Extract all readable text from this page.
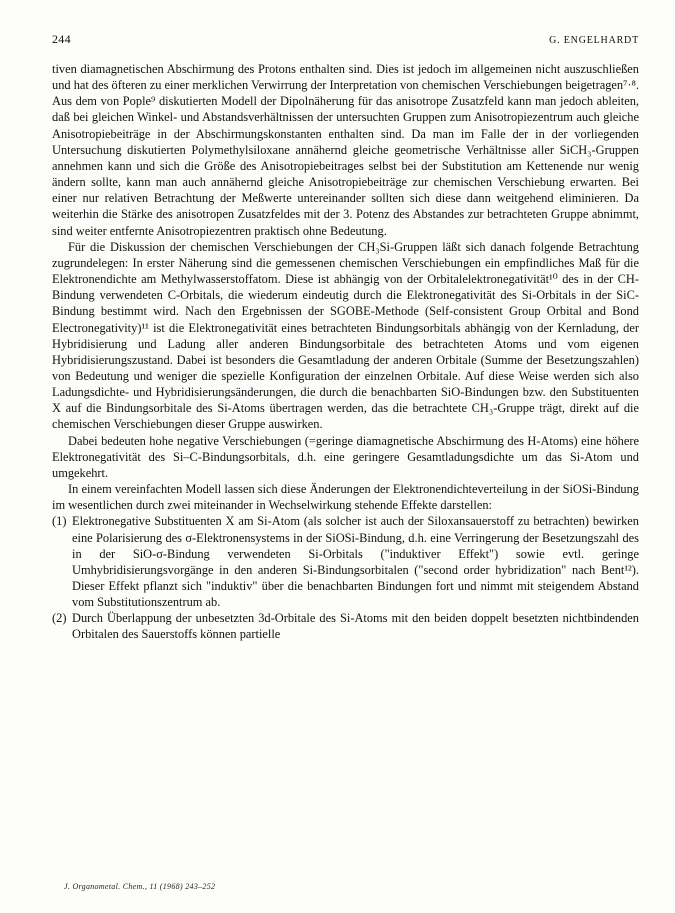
244	G. ENGELHARDT

tiven diamagnetischen Abschirmung des Protons enthalten sind. Dies ist jedoch im allgemeinen nicht auszuschließen und hat des öfteren zu einer merklichen Verwirrung der Interpretation von chemischen Verschiebungen beigetragen⁷·⁸. Aus dem von Pople⁹ diskutierten Modell der Dipolnäherung für das anisotrope Zusatzfeld kann man jedoch ableiten, daß bei gleichen Winkel- und Abstandsverhältnissen der untersuchten Gruppen zum Anisotropiezentrum auch gleiche Anisotropiebeiträge in der Abschirmungskonstanten enthalten sind. Da man im Falle der in der vorliegenden Untersuchung diskutierten Polymethylsiloxane annähernd gleiche geometrische Verhältnisse aller SiCH₃-Gruppen annehmen kann und sich die Größe des Anisotropiebeitrages selbst bei der Substitution am Kettenende nur wenig ändern sollte, kann man auch annähernd gleiche Anisotropiebeiträge zur chemischen Verschiebung erwarten. Bei einer nur relativen Betrachtung der Meßwerte untereinander sollten sich diese dann weitgehend eliminieren. Da weiterhin die Stärke des anisotropen Zusatzfeldes mit der 3. Potenz des Abstandes zur betrachteten Gruppe abnimmt, sind weiter entfernte Anisotropiezentren praktisch ohne Bedeutung.

Für die Diskussion der chemischen Verschiebungen der CH₃Si-Gruppen läßt sich danach folgende Betrachtung zugrundelegen: In erster Näherung sind die gemessenen chemischen Verschiebungen ein empfindliches Maß für die Elektronendichte am Methylwasserstoffatom. Diese ist abhängig von der Orbitalelektronegativität¹⁰ des in der CH-Bindung verwendeten C-Orbitals, die wiederum eindeutig durch die Elektronegativität des Si-Orbitals in der SiC-Bindung bestimmt wird. Nach den Ergebnissen der SGOBE-Methode (Self-consistent Group Orbital and Bond Electronegativity)¹¹ ist die Elektronegativität eines betrachteten Bindungsorbitals abhängig von der Kernladung, der Hybridisierung und Ladung aller anderen Bindungsorbitale des betrachteten Atoms und vom eigenen Hybridisierungszustand. Dabei ist besonders die Gesamtladung der anderen Orbitale (Summe der Besetzungszahlen) von Bedeutung und weniger die spezielle Konfiguration der einzelnen Orbitale. Auf diese Weise werden sich also Ladungsdichte- und Hybridisierungsänderungen, die durch die benachbarten SiO-Bindungen bzw. den Substituenten X auf die Bindungsorbitale des Si-Atoms übertragen werden, das die betrachtete CH₃-Gruppe trägt, direkt auf die chemischen Verschiebungen dieser Gruppe auswirken.

Dabei bedeuten hohe negative Verschiebungen (=geringe diamagnetische Abschirmung des H-Atoms) eine höhere Elektronegativität des Si–C-Bindungsorbitals, d.h. eine geringere Gesamtladungsdichte um das Si-Atom und umgekehrt.

In einem vereinfachten Modell lassen sich diese Änderungen der Elektronendichteverteilung in der SiOSi-Bindung im wesentlichen durch zwei miteinander in Wechselwirkung stehende Effekte darstellen:

(1) Elektronegative Substituenten X am Si-Atom (als solcher ist auch der Siloxansauerstoff zu betrachten) bewirken eine Polarisierung des σ-Elektronensystems in der SiOSi-Bindung, d.h. eine Verringerung der Besetzungszahl des in der SiO-σ-Bindung verwendeten Si-Orbitals ("induktiver Effekt") sowie evtl. geringe Umhybridisierungsvorgänge in den anderen Si-Bindungsorbitalen ("second order hybridization" nach Bent¹²). Dieser Effekt pflanzt sich "induktiv" über die benachbarten Bindungen fort und nimmt mit steigendem Abstand vom Substitutionszentrum ab.
(2) Durch Überlappung der unbesetzten 3d-Orbitale des Si-Atoms mit den beiden doppelt besetzten nichtbindenden Orbitalen des Sauerstoffs können partielle
J. Organometal. Chem., 11 (1968) 243–252
